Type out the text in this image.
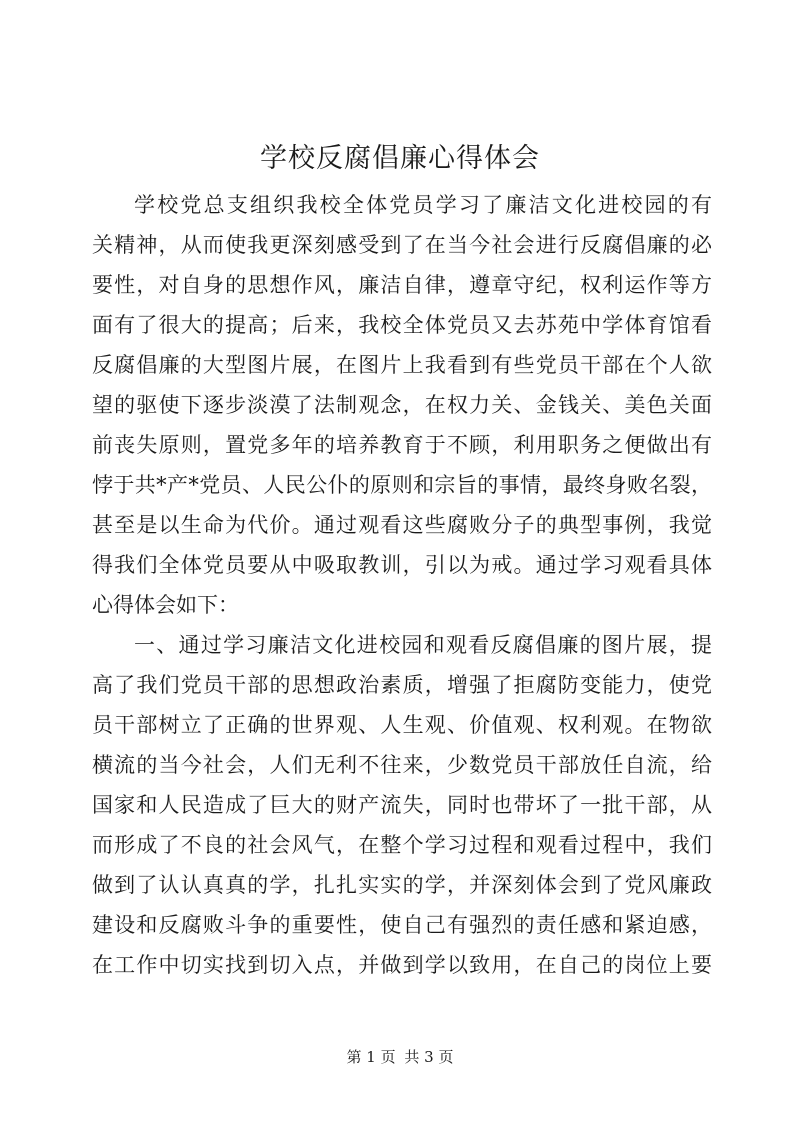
学校反腐倡廉心得体会
学校党总支组织我校全体党员学习了廉洁文化进校园的有
关精神，从而使我更深刻感受到了在当今社会进行反腐倡廉的必
要性，对自身的思想作风，廉洁自律，遵章守纪，权利运作等方
面有了很大的提高；后来，我校全体党员又去苏苑中学体育馆看
反腐倡廉的大型图片展，在图片上我看到有些党员干部在个人欲
望的驱使下逐步淡漠了法制观念，在权力关、金钱关、美色关面
前丧失原则，置党多年的培养教育于不顾，利用职务之便做出有
悖于共*产*党员、人民公仆的原则和宗旨的事情，最终身败名裂，
甚至是以生命为代价。通过观看这些腐败分子的典型事例，我觉
得我们全体党员要从中吸取教训，引以为戒。通过学习观看具体
心得体会如下：
一、通过学习廉洁文化进校园和观看反腐倡廉的图片展，提
高了我们党员干部的思想政治素质，增强了拒腐防变能力，使党
员干部树立了正确的世界观、人生观、价值观、权利观。在物欲
横流的当今社会，人们无利不往来，少数党员干部放任自流，给
国家和人民造成了巨大的财产流失，同时也带坏了一批干部，从
而形成了不良的社会风气，在整个学习过程和观看过程中，我们
做到了认认真真的学，扎扎实实的学，并深刻体会到了党风廉政
建设和反腐败斗争的重要性，使自己有强烈的责任感和紧迫感，
在工作中切实找到切入点，并做到学以致用，在自己的岗位上要
第 1 页 共 3 页
